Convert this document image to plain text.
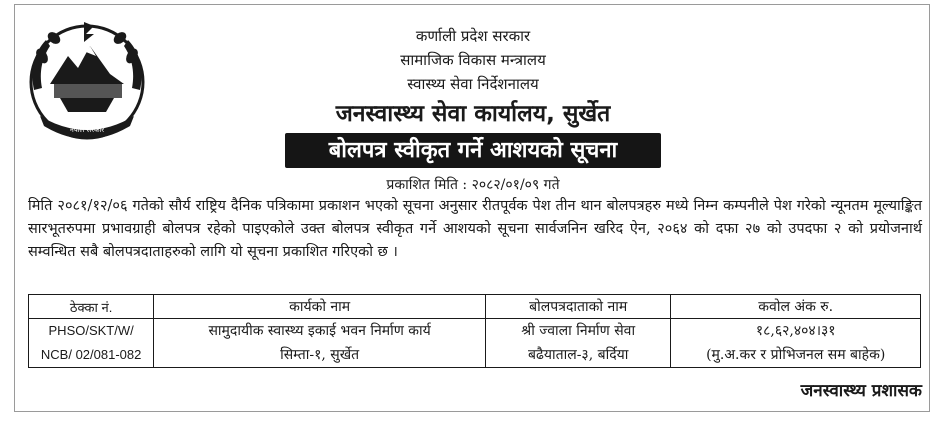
नेपाल सरकार
कर्णाली प्रदेश सरकार
सामाजिक विकास मन्त्रालय
स्वास्थ्य सेवा निर्देशनालय
जनस्वास्थ्य सेवा कार्यालय, सुर्खेत
बोलपत्र स्वीकृत गर्ने आशयको सूचना
प्रकाशित मिति : २०८२/०१/०९ गते

मिति २०८१/१२/०६ गतेको सौर्य राष्ट्रिय दैनिक पत्रिकामा प्रकाशन भएको सूचना अनुसार रीतपूर्वक पेश तीन थान बोलपत्रहरु मध्ये निम्न कम्पनीले पेश गरेको न्यूनतम मूल्याङ्कित सारभूतरुपमा प्रभावग्राही बोलपत्र रहेको पाइएकोले उक्त बोलपत्र स्वीकृत गर्ने आशयको सूचना सार्वजनिन खरिद ऐन, २०६४ को दफा २७ को उपदफा २ को प्रयोजनार्थ सम्वन्धित सबै बोलपत्रदाताहरुको लागि यो सूचना प्रकाशित गरिएको छ ।

ठेक्का नं.	कार्यको नाम	बोलपत्रदाताको नाम	कवोल अंक रु.
PHSO/SKT/W/	सामुदायीक स्वास्थ्य इकाई भवन निर्माण कार्य	श्री ज्वाला निर्माण सेवा	१८,६२,४०४।३१
NCB/ 02/081-082	सिम्ता-१, सुर्खेत	बढैयाताल-३, बर्दिया	(मु.अ.कर र प्रोभिजनल सम बाहेक)
जनस्वास्थ्य प्रशासक
